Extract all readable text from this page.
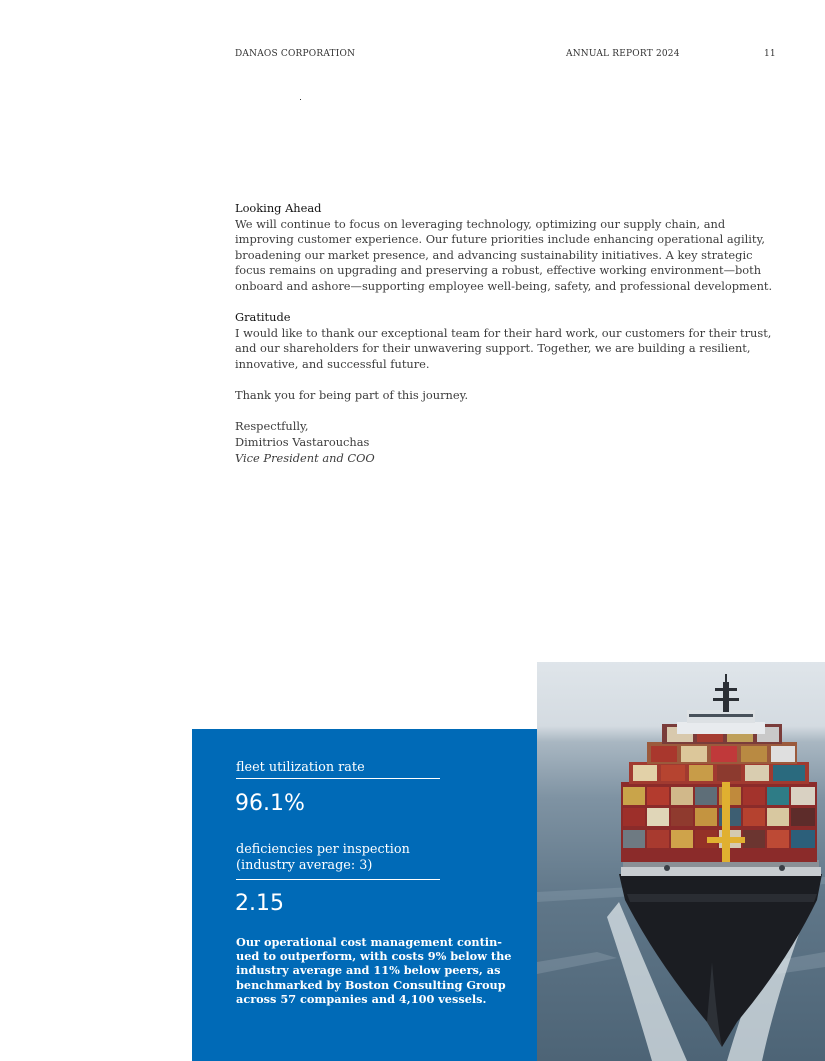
DANAOS CORPORATION	ANNUAL REPORT 2024	11

Looking Ahead

We will continue to focus on leveraging technology, optimizing our supply chain, and

improving customer experience. Our future priorities include enhancing operational agility,

broadening our market presence, and advancing sustainability initiatives. A key strategic

focus remains on upgrading and preserving a robust, effective working environment—both

onboard and ashore—supporting employee well-being, safety, and professional development.

Gratitude

I would like to thank our exceptional team for their hard work, our customers for their trust,

and our shareholders for their unwavering support. Together, we are building a resilient,

innovative, and successful future.

Thank you for being part of this journey.

Respectfully,

Dimitrios Vastarouchas

Vice President and COO

fleet utilization rate
96.1%
deficiencies per inspection
(industry average: 3)
2.15
Our operational cost management contin-
ued to outperform, with costs 9% below the
industry average and 11% below peers, as
benchmarked by Boston Consulting Group
across 57 companies and 4,100 vessels.
